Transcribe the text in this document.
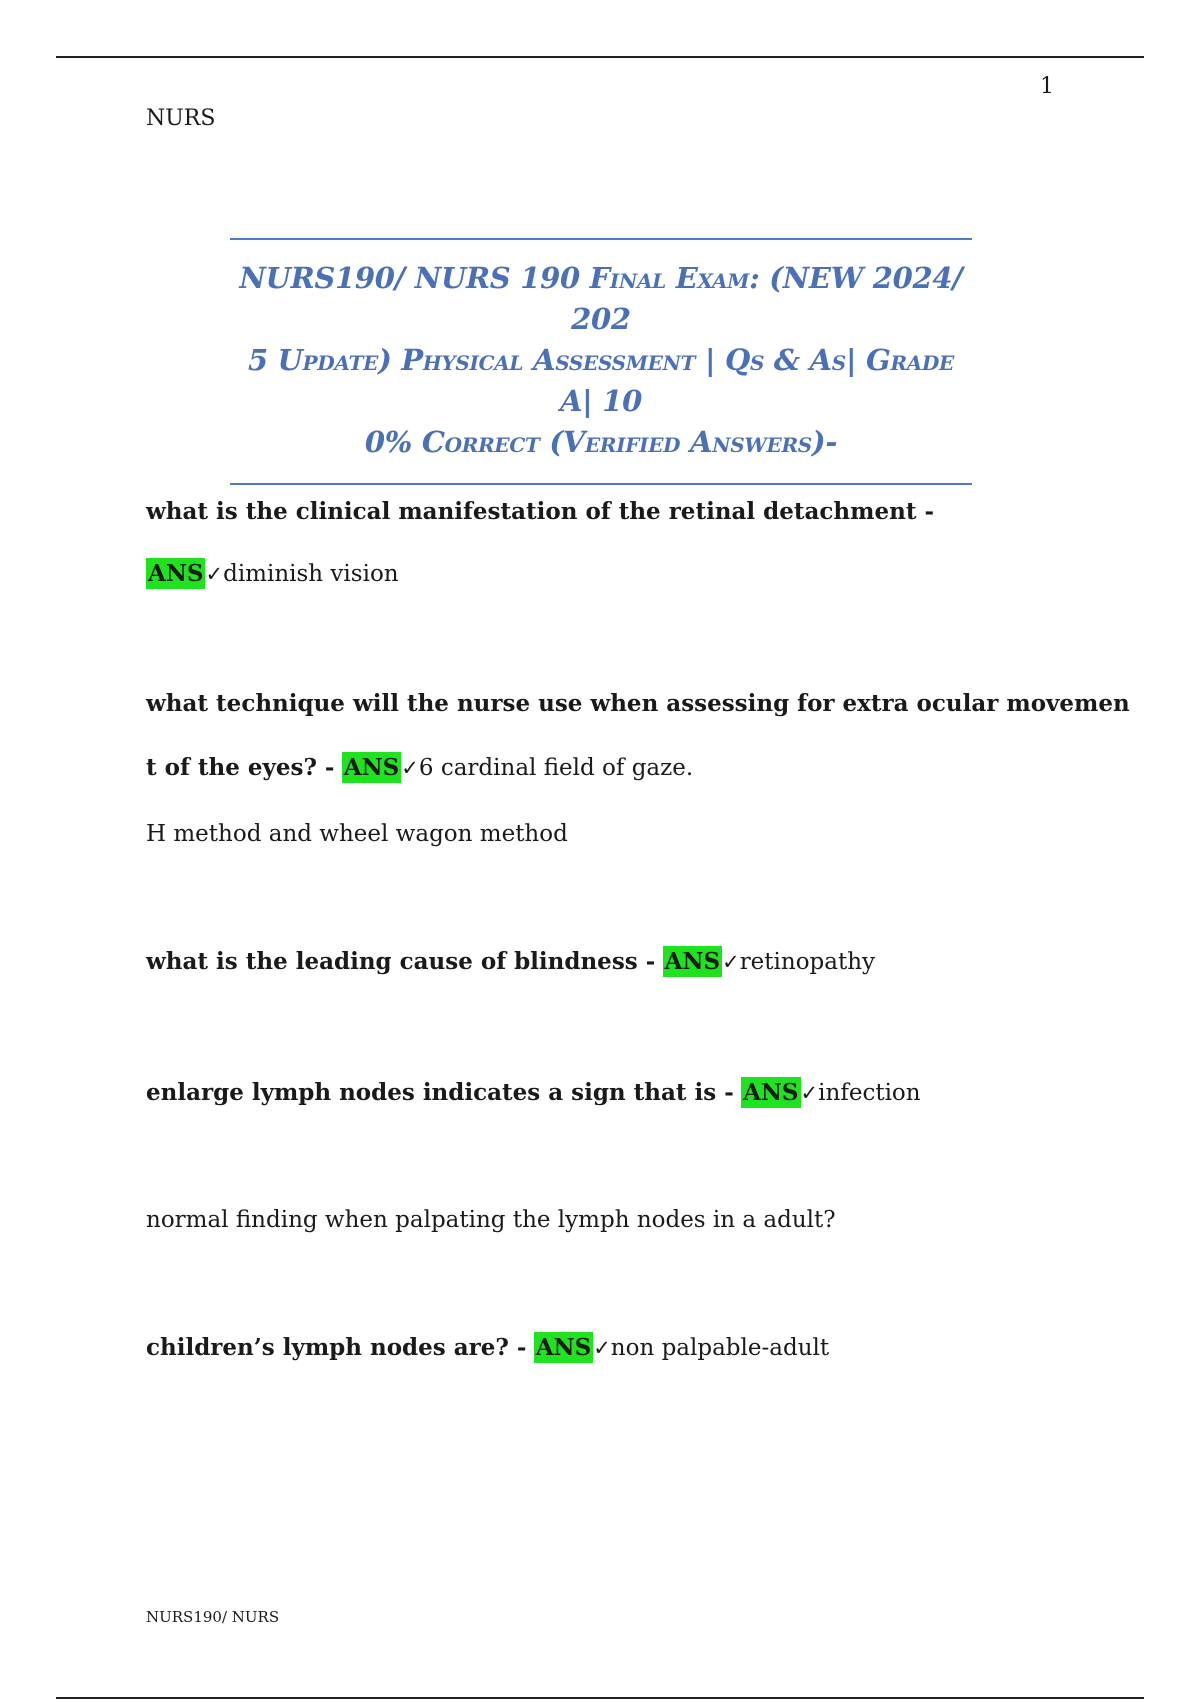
1
NURS
NURS190/ NURS 190 Final Exam: (NEW 2024/ 202
5 Update) Physical Assessment | Qs & As| Grade A| 10
0% Correct (Verified Answers)-
what is the clinical manifestation of the retinal detachment -
ANS✓diminish vision
what technique will the nurse use when assessing for extra ocular movemen
t of the eyes? - ANS✓6 cardinal field of gaze.
H method and wheel wagon method
what is the leading cause of blindness - ANS✓retinopathy
enlarge lymph nodes indicates a sign that is - ANS✓infection
normal finding when palpating the lymph nodes in a adult?
children’s lymph nodes are? - ANS✓non palpable-adult
NURS190/ NURS
